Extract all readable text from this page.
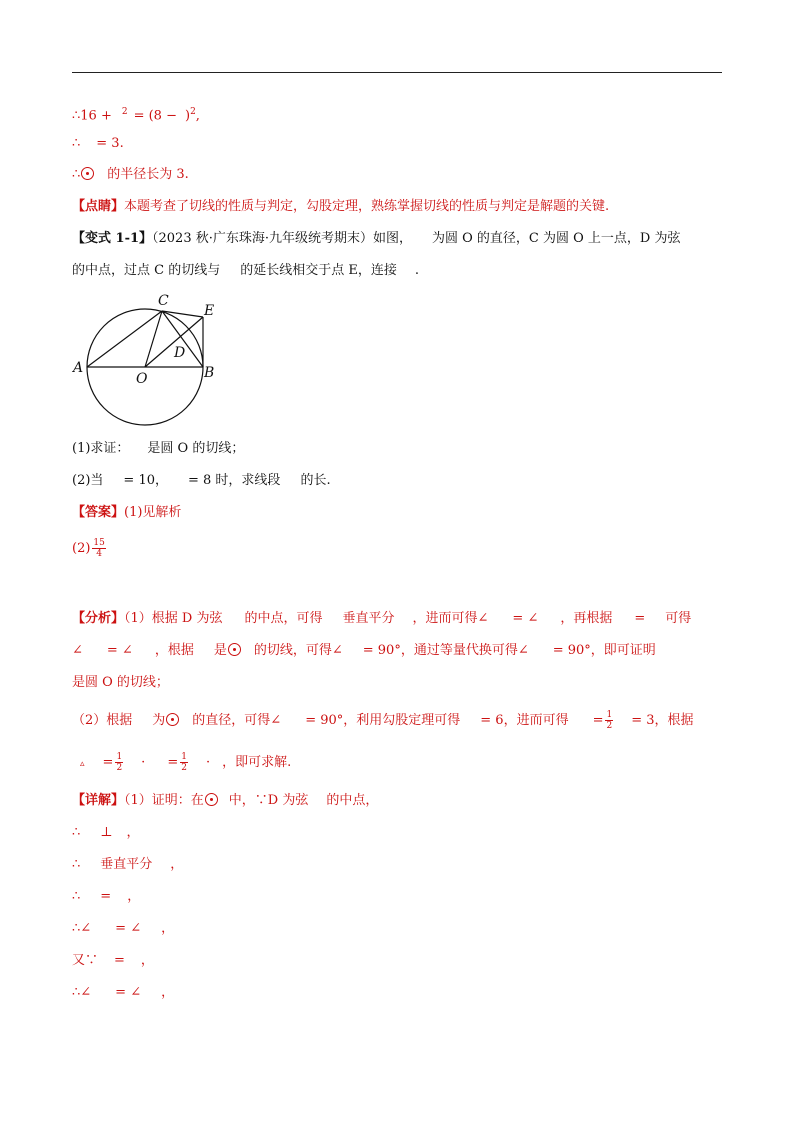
∴16 + $^2 = (8 - )^2$,
∴ = 3.
∴ 的半径长为 3.
【点睛】本题考查了切线的性质与判定，勾股定理，熟练掌握切线的性质与判定是解题的关键.
【变式 1-1】（2023 秋·广东珠海·九年级统考期末）如图， 为圆 O 的直径，C 为圆 O 上一点，D 为弦
的中点，过点 C 的切线与 的延长线相交于点 E，连接 .
C
E
D
A
O	B
(1)求证： 是圆 O 的切线；
(2)当 = 10， = 8 时，求线段 的长.
【答案】(1)见解析
$(2) \frac{15}{4}$
【分析】（1）根据 D 为弦 的中点，可得 垂直平分 ，进而可得∠ = ∠ ，再根据 = 可得
∠ = ∠ ，根据 是 的切线，可得∠ = 90°，通过等量代换可得∠ = 90°，即可证明
是圆 O 的切线；
（2）根据 为 的直径，可得∠ = 90°，利用勾股定理可得 = 6，进而可得 = $\frac{1}{2} = 3$，根据
▵ = $\frac{1}{2}$ · = $\frac{1}{2}$ · ，即可求解.
【详解】（1）证明：在 中，∵D 为弦 的中点，
∴ ⊥ ，
∴ 垂直平分 ，
∴ = ，
∴∠ = ∠ ，
又∵ = ，
∴∠ = ∠ ，
